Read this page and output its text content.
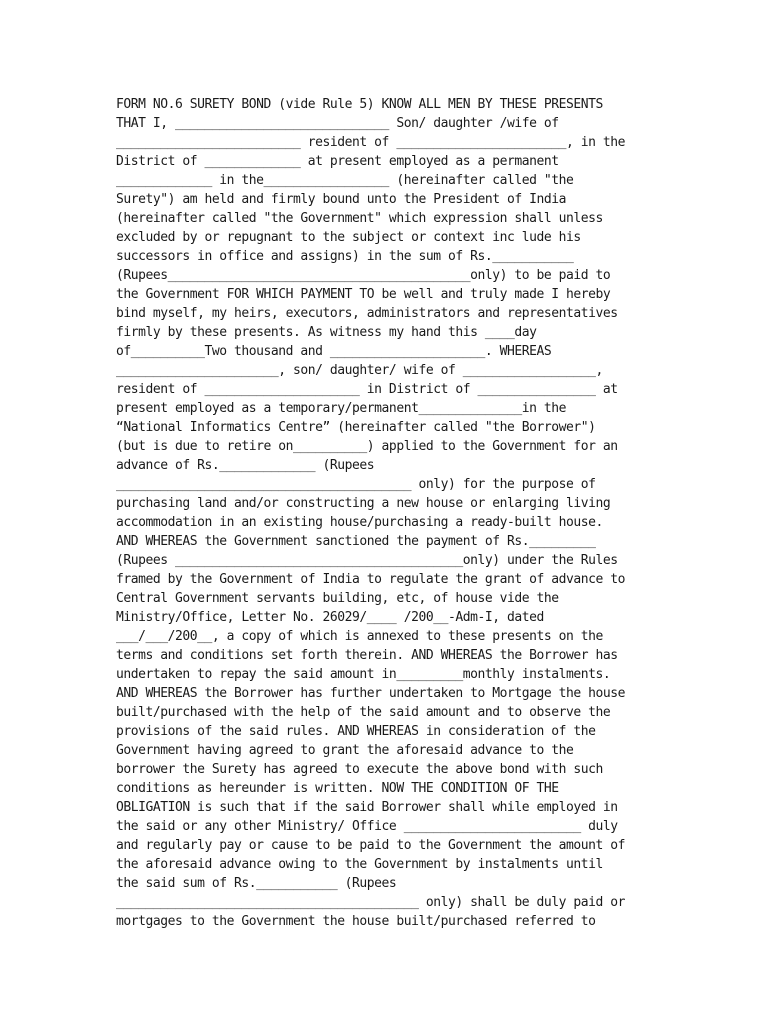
FORM NO.6 SURETY BOND (vide Rule 5) KNOW ALL MEN BY THESE PRESENTS
THAT I, _____________________________ Son/ daughter /wife of
_________________________ resident of _______________________, in the
District of _____________ at present employed as a permanent
_____________ in the_________________ (hereinafter called "the
Surety") am held and firmly bound unto the President of India
(hereinafter called "the Government" which expression shall unless
excluded by or repugnant to the subject or context inc lude his
successors in office and assigns) in the sum of Rs.___________
(Rupees_________________________________________only) to be paid to
the Government FOR WHICH PAYMENT TO be well and truly made I hereby
bind myself, my heirs, executors, administrators and representatives
firmly by these presents. As witness my hand this ____day
of__________Two thousand and _____________________. WHEREAS
______________________, son/ daughter/ wife of __________________,
resident of _____________________ in District of ________________ at
present employed as a temporary/permanent______________in the
“National Informatics Centre” (hereinafter called "the Borrower")
(but is due to retire on__________) applied to the Government for an
advance of Rs._____________ (Rupees
________________________________________ only) for the purpose of
purchasing land and/or constructing a new house or enlarging living
accommodation in an existing house/purchasing a ready-built house.
AND WHEREAS the Government sanctioned the payment of Rs._________
(Rupees _______________________________________only) under the Rules
framed by the Government of India to regulate the grant of advance to
Central Government servants building, etc, of house vide the
Ministry/Office, Letter No. 26029/____ /200__-Adm-I, dated
___/___/200__, a copy of which is annexed to these presents on the
terms and conditions set forth therein. AND WHEREAS the Borrower has
undertaken to repay the said amount in_________monthly instalments.
AND WHEREAS the Borrower has further undertaken to Mortgage the house
built/purchased with the help of the said amount and to observe the
provisions of the said rules. AND WHEREAS in consideration of the
Government having agreed to grant the aforesaid advance to the
borrower the Surety has agreed to execute the above bond with such
conditions as hereunder is written. NOW THE CONDITION OF THE
OBLIGATION is such that if the said Borrower shall while employed in
the said or any other Ministry/ Office ________________________ duly
and regularly pay or cause to be paid to the Government the amount of
the aforesaid advance owing to the Government by instalments until
the said sum of Rs.___________ (Rupees
_________________________________________ only) shall be duly paid or
mortgages to the Government the house built/purchased referred to
